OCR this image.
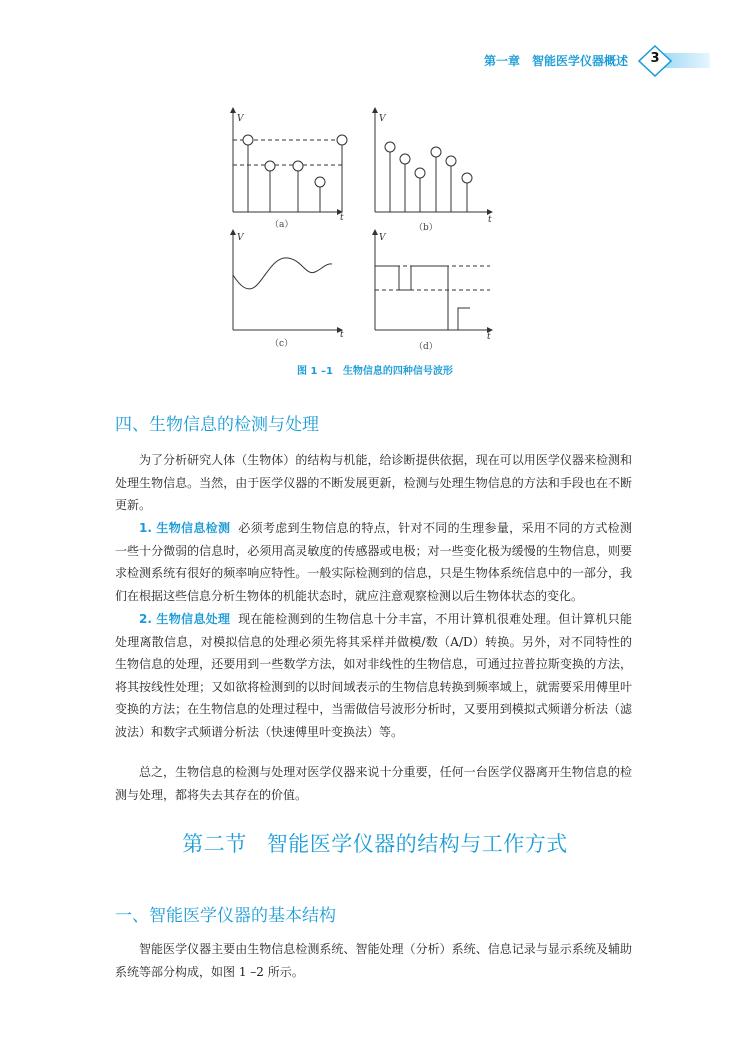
第一章　智能医学仪器概述	3
V
t
V
t
V
t
V
t
（a）	（b）
（c）	（d）
图 1 –1 生物信息的四种信号波形
四、生物信息的检测与处理

为了分析研究人体（生物体）的结构与机能，给诊断提供依据，现在可以用医学仪器来检测和处理生物信息。当然，由于医学仪器的不断发展更新，检测与处理生物信息的方法和手段也在不断更新。

1. 生物信息检测 必须考虑到生物信息的特点，针对不同的生理参量，采用不同的方式检测一些十分微弱的信息时，必须用高灵敏度的传感器或电极；对一些变化极为缓慢的生物信息，则要求检测系统有很好的频率响应特性。一般实际检测到的信息，只是生物体系统信息中的一部分，我们在根据这些信息分析生物体的机能状态时，就应注意观察检测以后生物体状态的变化。

2. 生物信息处理 现在能检测到的生物信息十分丰富，不用计算机很难处理。但计算机只能处理离散信息，对模拟信息的处理必须先将其采样并做模/数（A/D）转换。另外，对不同特性的生物信息的处理，还要用到一些数学方法，如对非线性的生物信息，可通过拉普拉斯变换的方法，将其按线性处理；又如欲将检测到的以时间域表示的生物信息转换到频率域上，就需要采用傅里叶变换的方法；在生物信息的处理过程中，当需做信号波形分析时，又要用到模拟式频谱分析法（滤波法）和数字式频谱分析法（快速傅里叶变换法）等。

总之，生物信息的检测与处理对医学仪器来说十分重要，任何一台医学仪器离开生物信息的检测与处理，都将失去其存在的价值。

第二节 智能医学仪器的结构与工作方式
一、智能医学仪器的基本结构

智能医学仪器主要由生物信息检测系统、智能处理（分析）系统、信息记录与显示系统及辅助系统等部分构成，如图 1 –2 所示。
